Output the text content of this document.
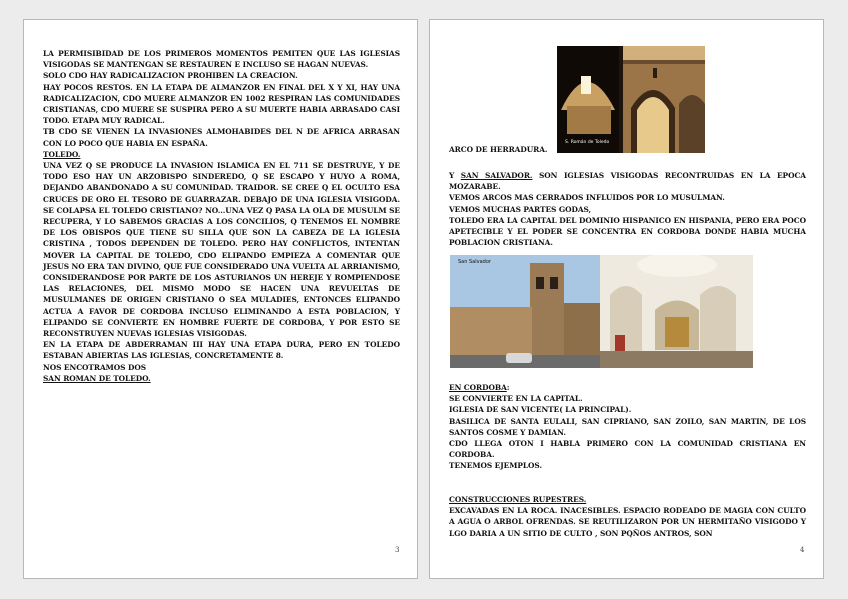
LA PERMISIBIDAD DE LOS PRIMEROS MOMENTOS PEMITEN QUE LAS IGLESIAS VISIGODAS SE MANTENGAN SE RESTAUREN E INCLUSO SE HAGAN NUEVAS.

SOLO CDO HAY RADICALIZACION PROHIBEN LA CREACION.

HAY POCOS RESTOS. EN LA ETAPA DE ALMANZOR EN FINAL DEL X Y XI, HAY UNA RADICALIZACION, CDO MUERE ALMANZOR EN 1002 RESPIRAN LAS COMUNIDADES CRISTIANAS, CDO MUERE SE SUSPIRA PERO A SU MUERTE HABIA ARRASADO CASI TODO. ETAPA MUY RADICAL.

TB CDO SE VIENEN LA INVASIONES ALMOHABIDES DEL N DE AFRICA ARRASAN CON LO POCO QUE HABIA EN ESPAÑA.

TOLEDO.

UNA VEZ Q SE PRODUCE LA INVASION ISLAMICA EN EL 711 SE DESTRUYE, Y DE TODO ESO HAY UN ARZOBISPO SINDEREDO, Q SE ESCAPO Y HUYO A ROMA, DEJANDO ABANDONADO A SU COMUNIDAD. TRAIDOR. SE CREE Q EL OCULTO ESA CRUCES DE ORO EL TESORO DE GUARRAZAR. DEBAJO DE UNA IGLESIA VISIGODA. SE COLAPSA EL TOLEDO CRISTIANO? NO...UNA VEZ Q PASA LA OLA DE MUSULM SE RECUPERA, Y LO SABEMOS GRACIAS A LOS CONCILIOS, Q TENEMOS EL NOMBRE DE LOS OBISPOS QUE TIENE SU SILLA QUE SON LA CABEZA DE LA IGLESIA CRISTINA , TODOS DEPENDEN DE TOLEDO. PERO HAY CONFLICTOS, INTENTAN MOVER LA CAPITAL DE TOLEDO, CDO ELIPANDO EMPIEZA A COMENTAR QUE JESUS NO ERA TAN DIVINO, QUE FUE CONSIDERADO UNA VUELTA AL ARRIANISMO, CONSIDERANDOSE POR PARTE DE LOS ASTURIANOS UN HEREJE Y ROMPIENDOSE LAS RELACIONES, DEL MISMO MODO SE HACEN UNA REVUELTAS DE MUSULMANES DE ORIGEN CRISTIANO O SEA MULADIES, ENTONCES ELIPANDO ACTUA A FAVOR DE CORDOBA INCLUSO ELIMINANDO A ESTA POBLACION, Y ELIPANDO SE CONVIERTE EN HOMBRE FUERTE DE CORDOBA, Y POR ESTO SE RECONSTRUYEN NUEVAS IGLESIAS VISIGODAS.

EN LA ETAPA DE ABDERRAMAN III HAY UNA ETAPA DURA, PERO EN TOLEDO ESTABAN ABIERTAS LAS IGLESIAS, CONCRETAMENTE 8.

NOS ENCOTRAMOS DOS

SAN ROMAN DE TOLEDO.

3
S. Román de Toledo

ARCO DE HERRADURA.

Y SAN SALVADOR. SON IGLESIAS VISIGODAS RECONTRUIDAS EN LA EPOCA MOZARABE.

VEMOS ARCOS MAS CERRADOS INFLUIDOS POR LO MUSULMAN.

VEMOS MUCHAS PARTES GODAS,

TOLEDO ERA LA CAPITAL DEL DOMINIO HISPANICO EN HISPANIA, PERO ERA POCO APETECIBLE Y EL PODER SE CONCENTRA EN CORDOBA DONDE HABIA MUCHA POBLACION CRISTIANA.

San Salvador

EN CORDOBA:

SE CONVIERTE EN LA CAPITAL.

IGLESIA DE SAN VICENTE( LA PRINCIPAL).

BASILICA DE SANTA EULALI, SAN CIPRIANO, SAN ZOILO, SAN MARTIN, DE LOS SANTOS COSME Y DAMIAN.

CDO LLEGA OTON I HABLA PRIMERO CON LA COMUNIDAD CRISTIANA EN CORDOBA.

TENEMOS EJEMPLOS.

CONSTRUCCIONES RUPESTRES.

EXCAVADAS EN LA ROCA. INACESIBLES. ESPACIO RODEADO DE MAGIA CON CULTO A AGUA O ARBOL OFRENDAS. SE REUTILIZARON POR UN HERMITAÑO VISIGODO Y LGO DARIA A UN SITIO DE CULTO , SON PQÑOS ANTROS, SON

4
